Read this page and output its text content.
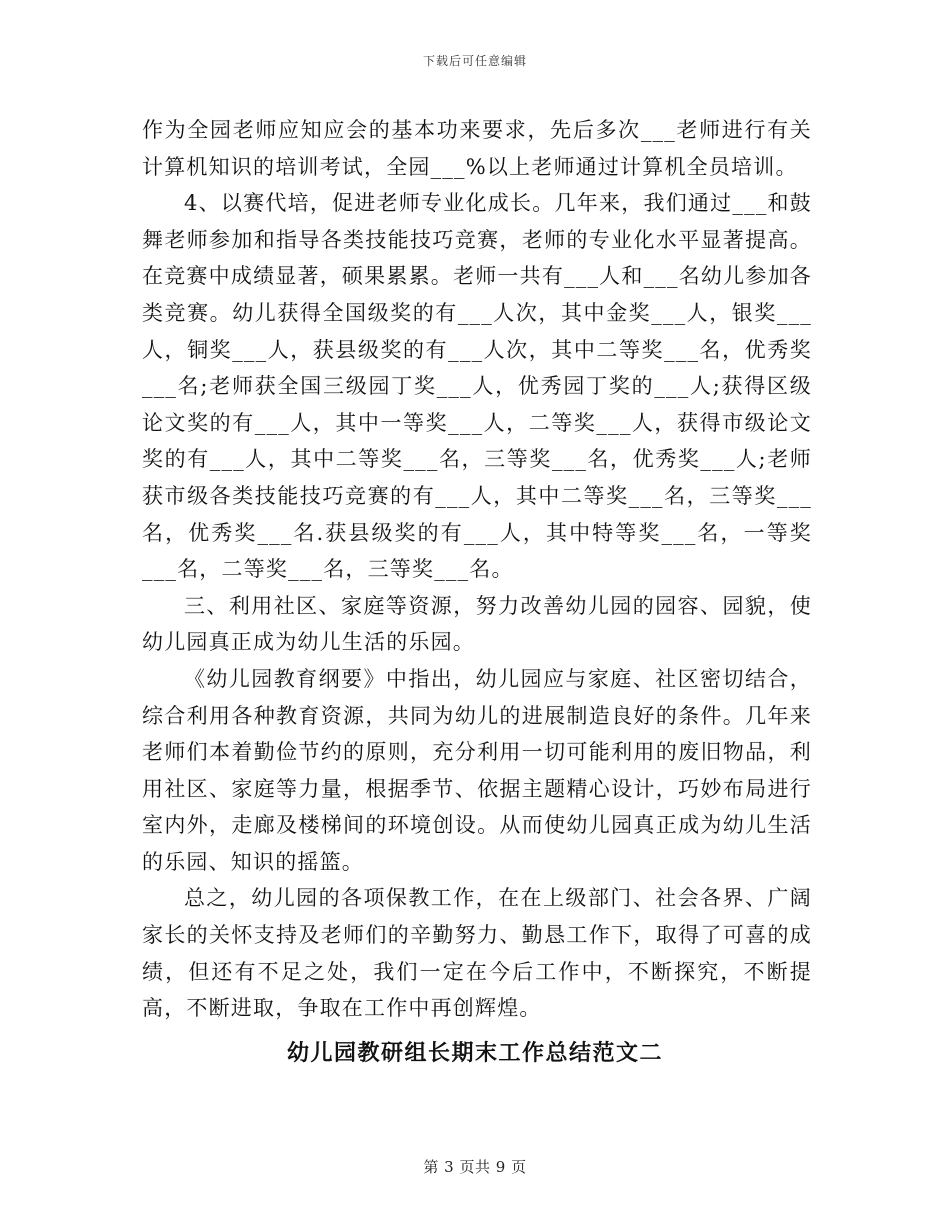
下载后可任意编辑

作为全园老师应知应会的基本功来要求，先后多次___老师进行有关计算机知识的培训考试，全园___%以上老师通过计算机全员培训。

4、以赛代培，促进老师专业化成长。几年来，我们通过___和鼓舞老师参加和指导各类技能技巧竞赛，老师的专业化水平显著提高。在竞赛中成绩显著，硕果累累。老师一共有___人和___名幼儿参加各类竞赛。幼儿获得全国级奖的有___人次，其中金奖___人，银奖___人，铜奖___人，获县级奖的有___人次，其中二等奖___名，优秀奖___名;老师获全国三级园丁奖___人，优秀园丁奖的___人;获得区级论文奖的有___人，其中一等奖___人，二等奖___人，获得市级论文奖的有___人，其中二等奖___名，三等奖___名，优秀奖___人;老师获市级各类技能技巧竞赛的有___人，其中二等奖___名，三等奖___名，优秀奖___名.获县级奖的有___人，其中特等奖___名，一等奖___名，二等奖___名，三等奖___名。

三、利用社区、家庭等资源，努力改善幼儿园的园容、园貌，使幼儿园真正成为幼儿生活的乐园。

《幼儿园教育纲要》中指出，幼儿园应与家庭、社区密切结合，综合利用各种教育资源，共同为幼儿的进展制造良好的条件。几年来老师们本着勤俭节约的原则，充分利用一切可能利用的废旧物品，利用社区、家庭等力量，根据季节、依据主题精心设计，巧妙布局进行室内外，走廊及楼梯间的环境创设。从而使幼儿园真正成为幼儿生活的乐园、知识的摇篮。

总之，幼儿园的各项保教工作，在在上级部门、社会各界、广阔家长的关怀支持及老师们的辛勤努力、勤恳工作下，取得了可喜的成绩，但还有不足之处，我们一定在今后工作中，不断探究，不断提高，不断进取，争取在工作中再创辉煌。

幼儿园教研组长期末工作总结范文二
第 3 页共 9 页
